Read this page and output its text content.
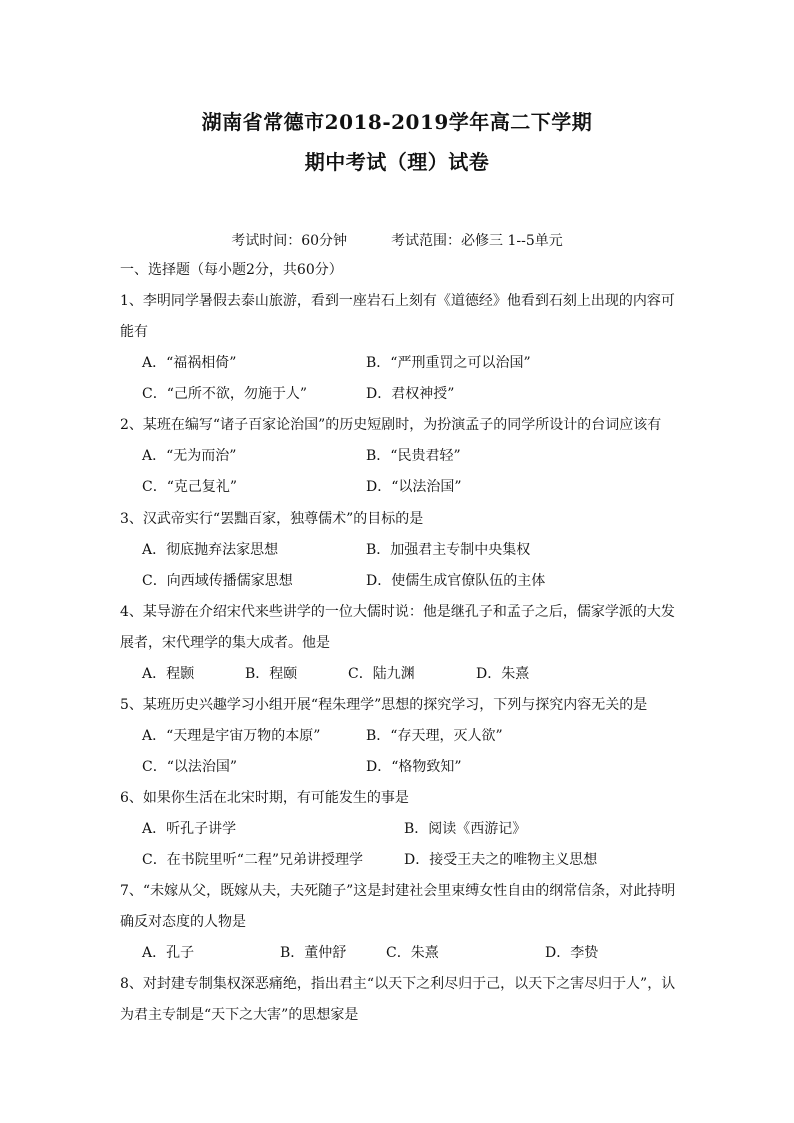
湖南省常德市2018-2019学年高二下学期
期中考试（理）试卷
考试时间：60分钟	考试范围：必修三 1--5单元
一、选择题（每小题2分，共60分）
1、李明同学暑假去泰山旅游，看到一座岩石上刻有《道德经》他看到石刻上出现的内容可
能有
A．“福祸相倚”	B．“严刑重罚之可以治国”
C．“己所不欲，勿施于人”	D．君权神授”
2、某班在编写“诸子百家论治国”的历史短剧时，为扮演孟子的同学所设计的台词应该有
A．“无为而治”	B．“民贵君轻”
C．“克己复礼”	D．“以法治国”
3、汉武帝实行“罢黜百家，独尊儒术”的目标的是
A．彻底抛弃法家思想	B．加强君主专制中央集权
C．向西域传播儒家思想	D．使儒生成官僚队伍的主体
4、某导游在介绍宋代来些讲学的一位大儒时说：他是继孔子和孟子之后，儒家学派的大发
展者，宋代理学的集大成者。他是
A．程颢	B．程颐	C．陆九渊	D．朱熹
5、某班历史兴趣学习小组开展“程朱理学”思想的探究学习，下列与探究内容无关的是
A．“天理是宇宙万物的本原”	B．“存天理，灭人欲”
C．“以法治国”	D．“格物致知”
6、如果你生活在北宋时期，有可能发生的事是
A．听孔子讲学	B．阅读《西游记》
C．在书院里听“二程”兄弟讲授理学	D．接受王夫之的唯物主义思想
7、“未嫁从父，既嫁从夫，夫死随子”这是封建社会里束缚女性自由的纲常信条，对此持明
确反对态度的人物是
A．孔子	B．董仲舒	C．朱熹	D．李贽
8、对封建专制集权深恶痛绝，指出君主“以天下之利尽归于己，以天下之害尽归于人”，认
为君主专制是“天下之大害”的思想家是
